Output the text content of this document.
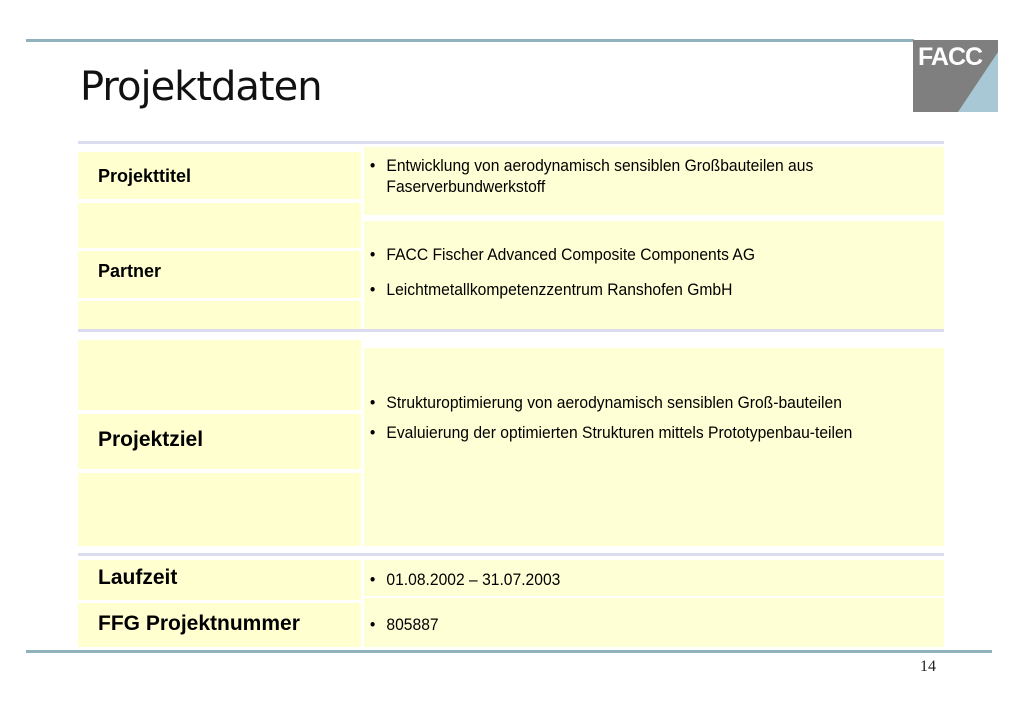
Projektdaten
FACC
Projekttitel
Partner
• Entwicklung von aerodynamisch sensiblen Großbauteilen aus Faserverbundwerkstoff
• FACC Fischer Advanced Composite Components AG
• Leichtmetallkompetenzzentrum Ranshofen GmbH
Projektziel
• Strukturoptimierung von aerodynamisch sensiblen Groß-bauteilen
• Evaluierung der optimierten Strukturen mittels Prototypenbau-teilen
Laufzeit	• 01.08.2002 – 31.07.2003
FFG Projektnummer	• 805887
14
